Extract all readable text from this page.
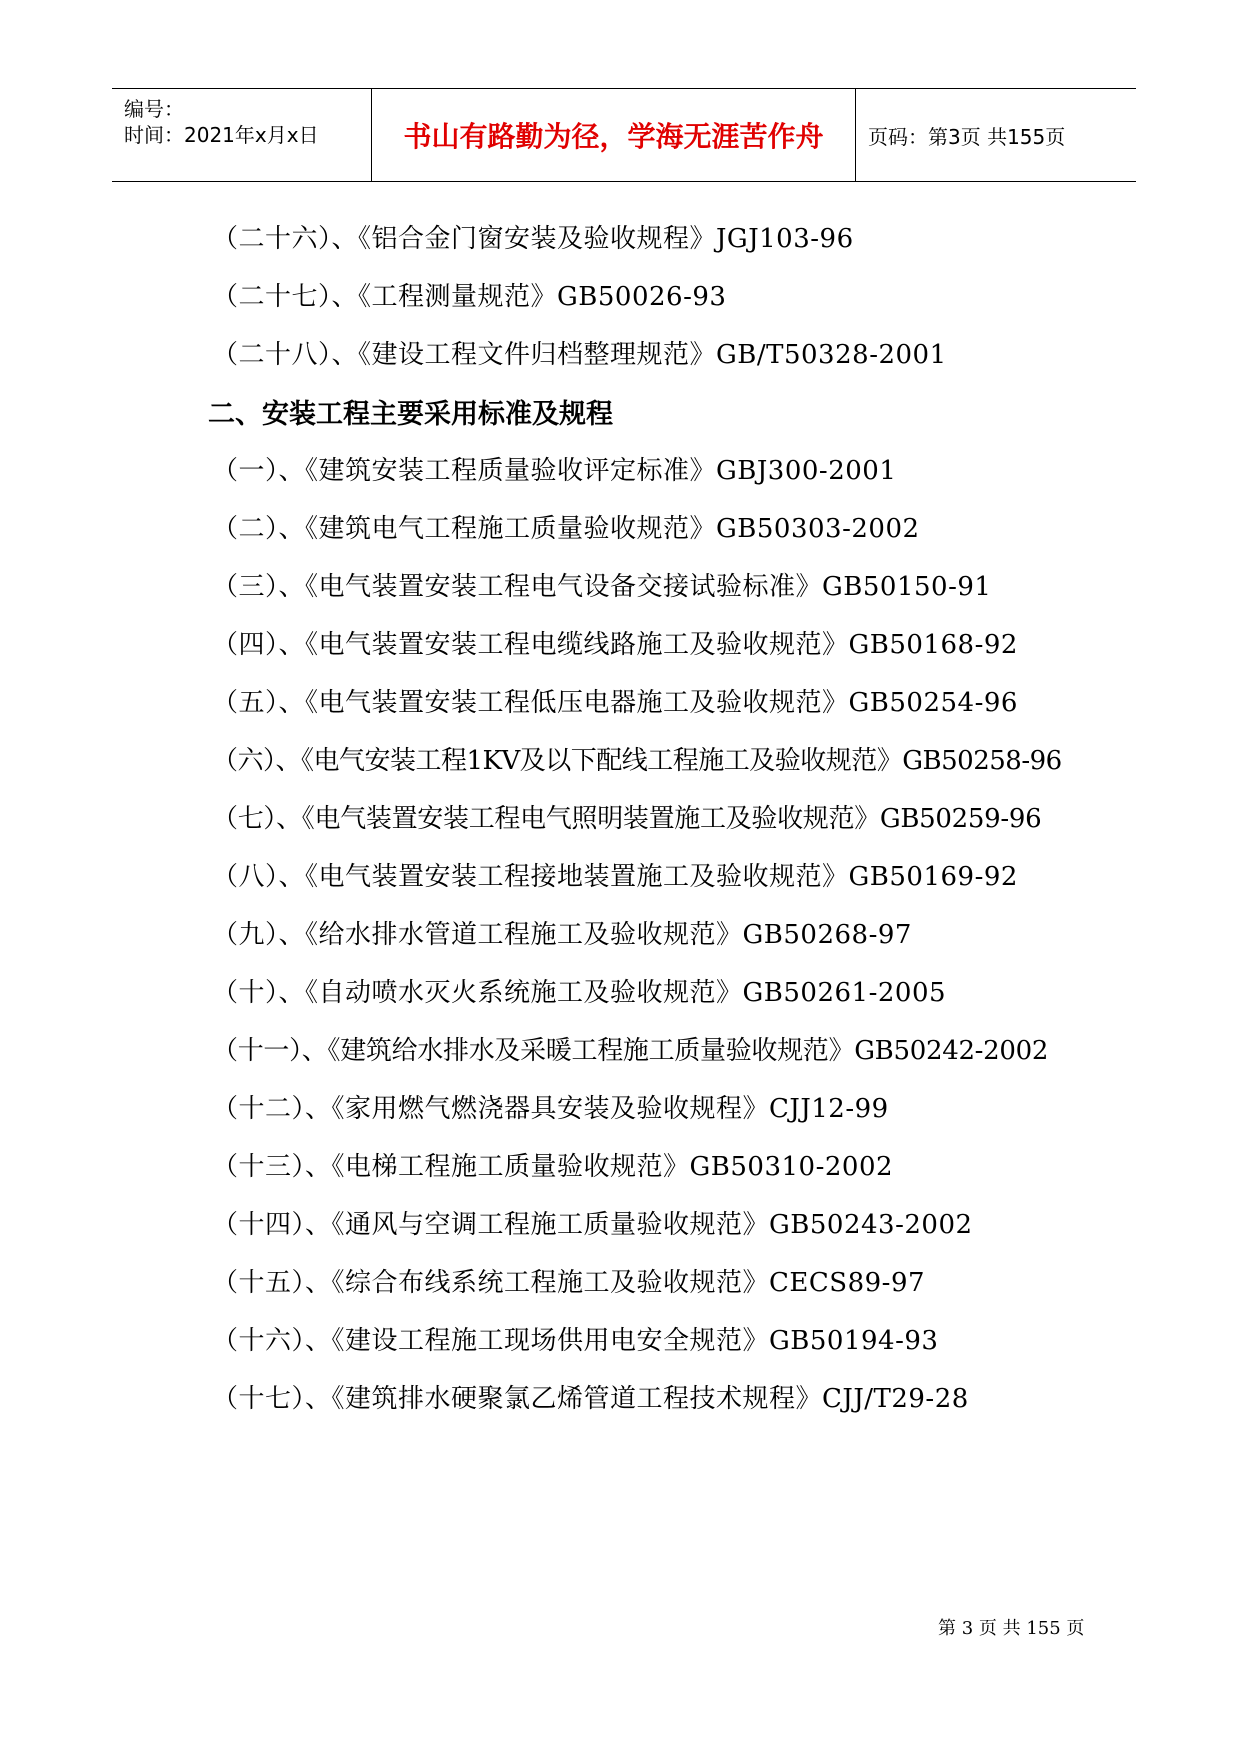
编号：
时间：2021年x月x日	书山有路勤为径，学海无涯苦作舟	页码：第3页 共155页
（二十六）、《铝合金门窗安装及验收规程》JGJ103-96
（二十七）、《工程测量规范》GB50026-93
（二十八）、《建设工程文件归档整理规范》GB/T50328-2001
二、安装工程主要采用标准及规程
（一）、《建筑安装工程质量验收评定标准》GBJ300-2001
（二）、《建筑电气工程施工质量验收规范》GB50303-2002
（三）、《电气装置安装工程电气设备交接试验标准》GB50150-91
（四）、《电气装置安装工程电缆线路施工及验收规范》GB50168-92
（五）、《电气装置安装工程低压电器施工及验收规范》GB50254-96
（六）、《电气安装工程1KV及以下配线工程施工及验收规范》GB50258-96
（七）、《电气装置安装工程电气照明装置施工及验收规范》GB50259-96
（八）、《电气装置安装工程接地装置施工及验收规范》GB50169-92
（九）、《给水排水管道工程施工及验收规范》GB50268-97
（十）、《自动喷水灭火系统施工及验收规范》GB50261-2005
（十一）、《建筑给水排水及采暖工程施工质量验收规范》GB50242-2002
（十二）、《家用燃气燃浇器具安装及验收规程》CJJ12-99
（十三）、《电梯工程施工质量验收规范》GB50310-2002
（十四）、《通风与空调工程施工质量验收规范》GB50243-2002
（十五）、《综合布线系统工程施工及验收规范》CECS89-97
（十六）、《建设工程施工现场供用电安全规范》GB50194-93
（十七）、《建筑排水硬聚氯乙烯管道工程技术规程》CJJ/T29-28
第 3 页 共 155 页
